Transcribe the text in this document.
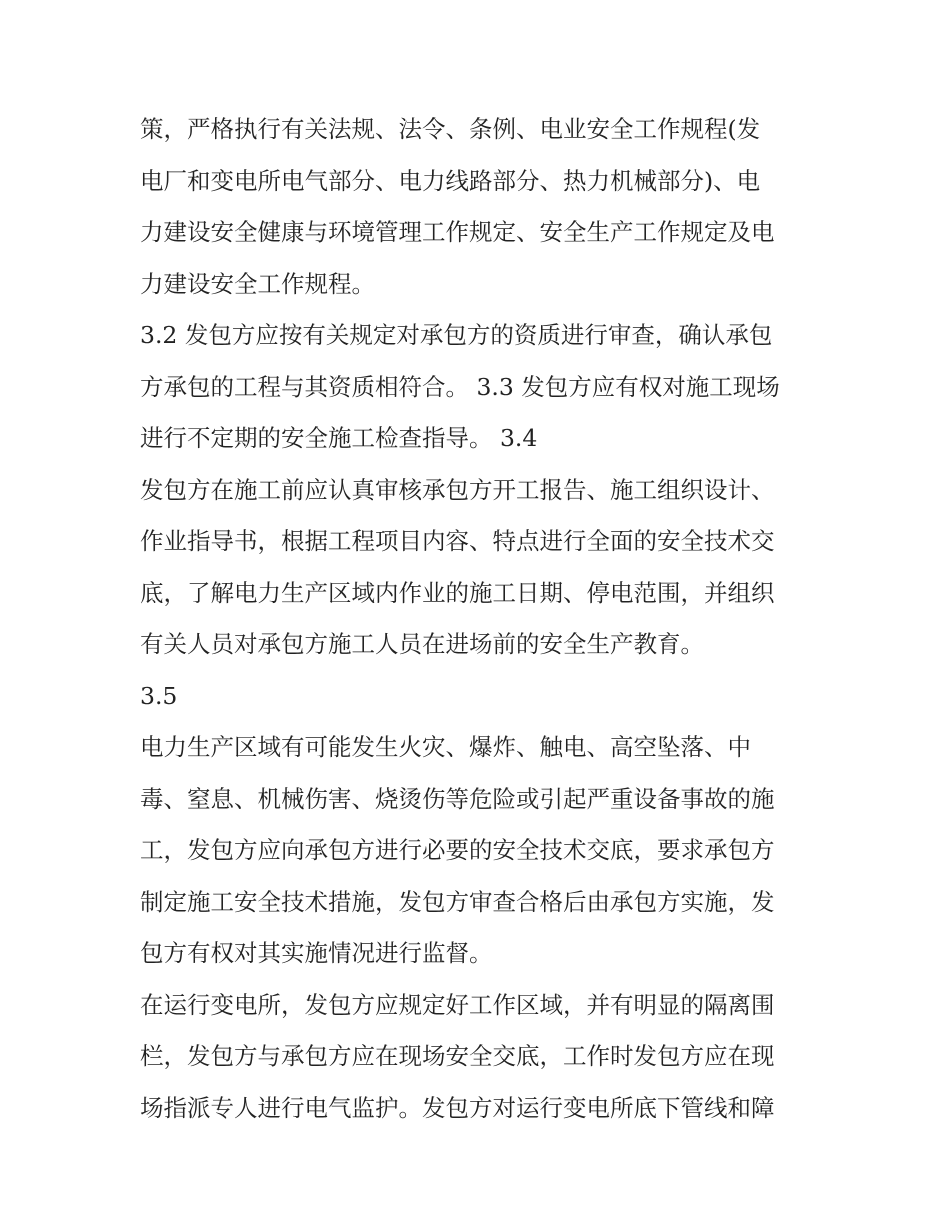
策，严格执行有关法规、法令、条例、电业安全工作规程(发
电厂和变电所电气部分、电力线路部分、热力机械部分)、电
力建设安全健康与环境管理工作规定、安全生产工作规定及电
力建设安全工作规程。
3.2 发包方应按有关规定对承包方的资质进行审查，确认承包
方承包的工程与其资质相符合。 3.3 发包方应有权对施工现场
进行不定期的安全施工检查指导。 3.4
发包方在施工前应认真审核承包方开工报告、施工组织设计、
作业指导书，根据工程项目内容、特点进行全面的安全技术交
底，了解电力生产区域内作业的施工日期、停电范围，并组织
有关人员对承包方施工人员在进场前的安全生产教育。
3.5
电力生产区域有可能发生火灾、爆炸、触电、高空坠落、中
毒、窒息、机械伤害、烧烫伤等危险或引起严重设备事故的施
工，发包方应向承包方进行必要的安全技术交底，要求承包方
制定施工安全技术措施，发包方审查合格后由承包方实施，发
包方有权对其实施情况进行监督。
在运行变电所，发包方应规定好工作区域，并有明显的隔离围
栏，发包方与承包方应在现场安全交底，工作时发包方应在现
场指派专人进行电气监护。发包方对运行变电所底下管线和障
